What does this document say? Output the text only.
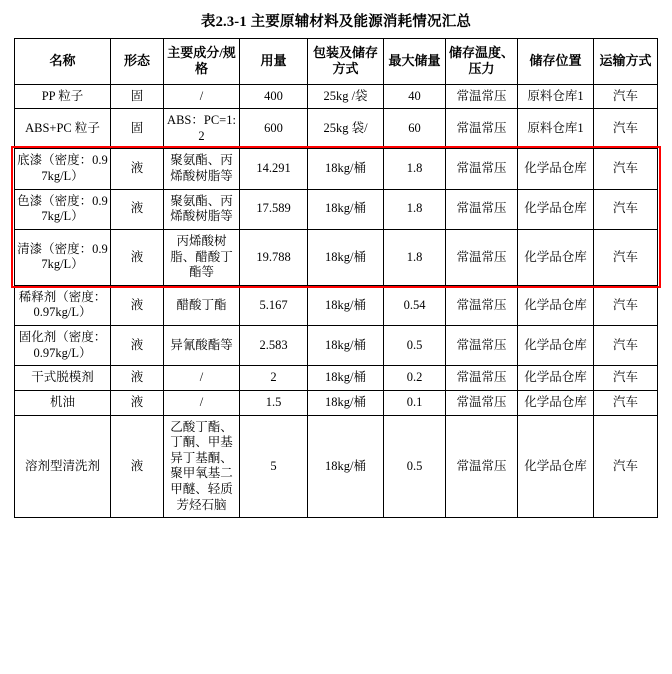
表2.3-1 主要原辅材料及能源消耗情况汇总
名称	形态	主要成分/规格	用量	包装及储存方式	最大储量	储存温度、压力	储存位置	运输方式
PP 粒子	固	/	400	25kg /袋	40	常温常压	原料仓库1	汽车
ABS+PC 粒子	固	ABS：PC=1:2	600	25kg 袋/	60	常温常压	原料仓库1	汽车
底漆（密度：0.97kg/L）	液	聚氨酯、丙烯酸树脂等	14.291	18kg/桶	1.8	常温常压	化学品仓库	汽车
色漆（密度：0.97kg/L）	液	聚氨酯、丙烯酸树脂等	17.589	18kg/桶	1.8	常温常压	化学品仓库	汽车
清漆（密度：0.97kg/L）	液	丙烯酸树脂、醋酸丁酯等	19.788	18kg/桶	1.8	常温常压	化学品仓库	汽车
稀释剂（密度：0.97kg/L）	液	醋酸丁酯	5.167	18kg/桶	0.54	常温常压	化学品仓库	汽车
固化剂（密度：0.97kg/L）	液	异氰酸酯等	2.583	18kg/桶	0.5	常温常压	化学品仓库	汽车
干式脱模剂	液	/	2	18kg/桶	0.2	常温常压	化学品仓库	汽车
机油	液	/	1.5	18kg/桶	0.1	常温常压	化学品仓库	汽车
溶剂型清洗剂	液	乙酸丁酯、丁酮、甲基异丁基酮、聚甲氧基二甲醚、轻质芳烃石脑	5	18kg/桶	0.5	常温常压	化学品仓库	汽车
